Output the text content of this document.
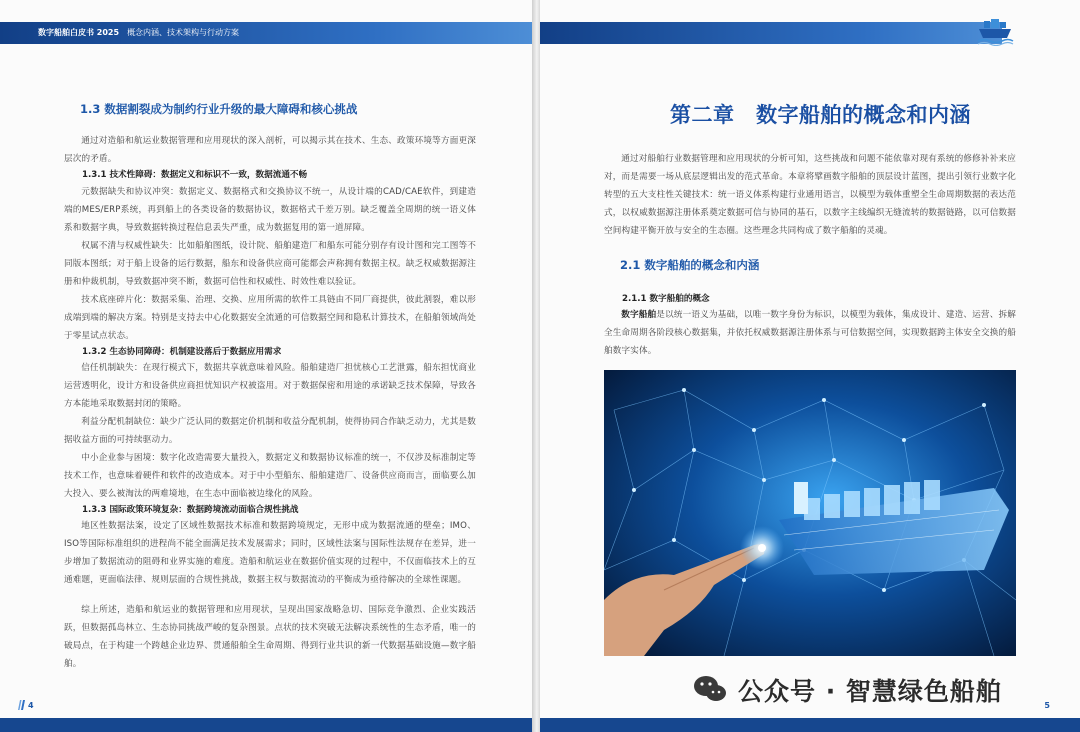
数字船舶白皮书 2025 概念内涵、技术架构与行动方案
1.3 数据割裂成为制约行业升级的最大障碍和核心挑战

通过对造船和航运业数据管理和应用现状的深入剖析，可以揭示其在技术、生态、政策环境等方面更深层次的矛盾。

1.3.1 技术性障碍：数据定义和标识不一致，数据流通不畅

元数据缺失和协议冲突：数据定义、数据格式和交换协议不统一，从设计端的CAD/CAE软件，到建造端的MES/ERP系统，再到船上的各类设备的数据协议，数据格式千差万别。缺乏覆盖全周期的统一语义体系和数据字典，导致数据转换过程信息丢失严重，成为数据复用的第一道屏障。

权属不清与权威性缺失：比如船舶图纸，设计院、船舶建造厂和船东可能分别存有设计图和完工图等不同版本图纸；对于船上设备的运行数据，船东和设备供应商可能都会声称拥有数据主权。缺乏权威数据源注册和仲裁机制，导致数据冲突不断，数据可信性和权威性、时效性难以验证。

技术底座碎片化：数据采集、治理、交换、应用所需的软件工具链由不同厂商提供，彼此割裂，难以形成端到端的解决方案。特别是支持去中心化数据安全流通的可信数据空间和隐私计算技术，在船舶领域尚处于零星试点状态。

1.3.2 生态协同障碍：机制建设落后于数据应用需求

信任机制缺失：在现行模式下，数据共享就意味着风险。船舶建造厂担忧核心工艺泄露，船东担忧商业运营透明化，设计方和设备供应商担忧知识产权被盗用。对于数据保密和用途的承诺缺乏技术保障，导致各方本能地采取数据封闭的策略。

利益分配机制缺位：缺少广泛认同的数据定价机制和收益分配机制，使得协同合作缺乏动力，尤其是数据收益方面的可持续驱动力。

中小企业参与困境：数字化改造需要大量投入，数据定义和数据协议标准的统一，不仅涉及标准制定等技术工作，也意味着硬件和软件的改造成本。对于中小型船东、船舶建造厂、设备供应商而言，面临要么加大投入、要么被淘汰的两难境地，在生态中面临被边缘化的风险。

1.3.3 国际政策环境复杂：数据跨境流动面临合规性挑战

地区性数据法案，设定了区域性数据技术标准和数据跨境规定，无形中成为数据流通的壁垒；IMO、ISO等国际标准组织的进程尚不能全面满足技术发展需求；同时，区域性法案与国际性法规存在差异，进一步增加了数据流动的阻碍和业界实施的难度。造船和航运业在数据价值实现的过程中，不仅面临技术上的互通难题，更面临法律、规则层面的合规性挑战，数据主权与数据流动的平衡成为亟待解决的全球性课题。

综上所述，造船和航运业的数据管理和应用现状，呈现出国家战略急切、国际竞争激烈、企业实践活跃，但数据孤岛林立、生态协同挑战严峻的复杂图景。点状的技术突破无法解决系统性的生态矛盾，唯一的破局点，在于构建一个跨越企业边界、贯通船舶全生命周期、得到行业共识的新一代数据基础设施—数字船舶。

4
第二章　数字船舶的概念和内涵

通过对船舶行业数据管理和应用现状的分析可知，这些挑战和问题不能依靠对现有系统的修修补补来应对，而是需要一场从底层逻辑出发的范式革命。本章将擘画数字船舶的顶层设计蓝图，提出引领行业数字化转型的五大支柱性关键技术：统一语义体系构建行业通用语言，以模型为载体重塑全生命周期数据的表达范式，以权威数据源注册体系奠定数据可信与协同的基石，以数字主线编织无缝流转的数据链路，以可信数据空间构建平衡开放与安全的生态圈。这些理念共同构成了数字船舶的灵魂。

2.1 数字船舶的概念和内涵
2.1.1 数字船舶的概念

数字船舶是以统一语义为基础，以唯一数字身份为标识，以模型为载体，集成设计、建造、运营、拆解全生命周期各阶段核心数据集，并依托权威数据源注册体系与可信数据空间，实现数据跨主体安全交换的船舶数字实体。

公众号 · 智慧绿色船舶	5
